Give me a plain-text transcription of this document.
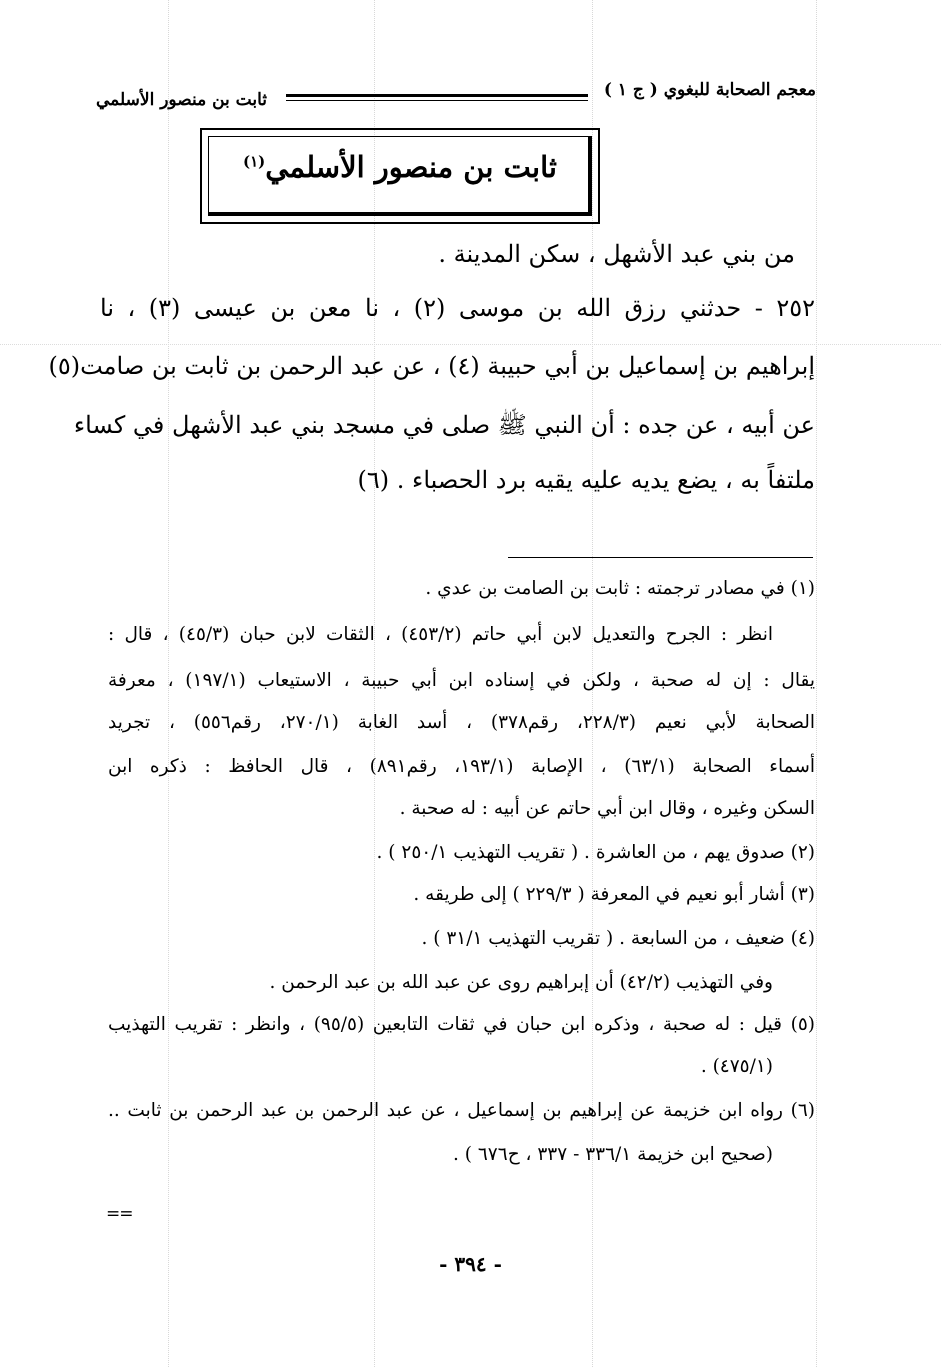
معجم الصحابة للبغوي ( ج ١ )
ثابت بن منصور الأسلمي
ثابت بن منصور الأسلمي$^{(١)}$
من بني عبد الأشهل ، سكن المدينة .
٢٥٢ - حدثني رزق الله بن موسى (٢) ، نا معن بن عيسى (٣) ، نا
إبراهيم بن إسماعيل بن أبي حبيبة (٤) ، عن عبد الرحمن بن ثابت بن صامت(٥)
عن أبيه ، عن جده : أن النبي ﷺ صلى في مسجد بني عبد الأشهل في كساء
ملتفاً به ، يضع يديه عليه يقيه برد الحصباء . (٦)
(١) في مصادر ترجمته : ثابت بن الصامت بن عدي .
انظر : الجرح والتعديل لابن أبي حاتم (٤٥٣/٢) ، الثقات لابن حبان (٤٥/٣) ، قال :
يقال : إن له صحبة ، ولكن في إسناده ابن أبي حبيبة ، الاستيعاب (١٩٧/١) ، معرفة
الصحابة لأبي نعيم (٢٢٨/٣، رقم٣٧٨) ، أسد الغابة (٢٧٠/١، رقم٥٥٦) ، تجريد
أسماء الصحابة (٦٣/١) ، الإصابة (١٩٣/١، رقم٨٩١) ، قال الحافظ : ذكره ابن
السكن وغيره ، وقال ابن أبي حاتم عن أبيه : له صحبة .
(٢) صدوق يهم ، من العاشرة . ( تقريب التهذيب ٢٥٠/١ ) .
(٣) أشار أبو نعيم في المعرفة ( ٢٢٩/٣ ) إلى طريقه .
(٤) ضعيف ، من السابعة . ( تقريب التهذيب ٣١/١ ) .
وفي التهذيب (٤٢/٢) أن إبراهيم روى عن عبد الله بن عبد الرحمن .
(٥) قيل : له صحبة ، وذكره ابن حبان في ثقات التابعين (٩٥/٥) ، وانظر : تقريب التهذيب
(٤٧٥/١) .
(٦) رواه ابن خزيمة عن إبراهيم بن إسماعيل ، عن عبد الرحمن بن عبد الرحمن بن ثابت ..
(صحيح ابن خزيمة ٣٣٦/١ - ٣٣٧ ، ح٦٧٦ ) .
==
- ٣٩٤ -
